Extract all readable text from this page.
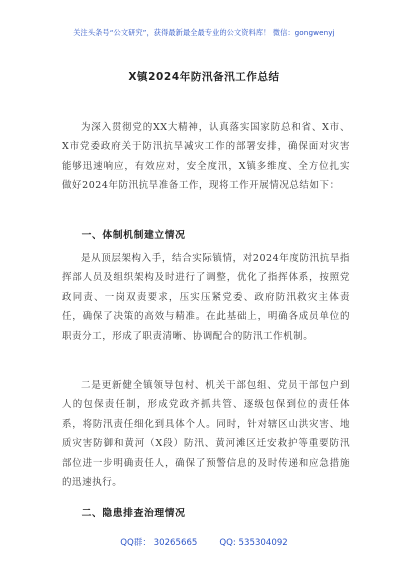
关注头条号“公文研究”，获得最新最全最专业的公文资料库！ 微信：gongwenyj
X镇2024年防汛备汛工作总结

为深入贯彻党的XX大精神，认真落实国家防总和省、X市、X市党委政府关于防汛抗旱减灾工作的部署安排，确保面对灾害能够迅速响应，有效应对，安全度汛，X镇多维度、全方位扎实做好2024年防汛抗旱准备工作，现将工作开展情况总结如下：

一、体制机制建立情况

是从顶层架构入手，结合实际镇情，对2024年度防汛抗旱指挥部人员及组织架构及时进行了调整，优化了指挥体系，按照党政同责、一岗双责要求，压实压紧党委、政府防汛救灾主体责任，确保了决策的高效与精准。在此基础上，明确各成员单位的职责分工，形成了职责清晰、协调配合的防汛工作机制。

二是更新健全镇领导包村、机关干部包组、党员干部包户到人的包保责任制，形成党政齐抓共管、逐级包保到位的责任体系，将防汛责任细化到具体个人。同时，针对辖区山洪灾害、地质灾害防御和黄河（X段）防汛、黄河滩区迁安救护等重要防汛部位进一步明确责任人，确保了预警信息的及时传递和应急措施的迅速执行。

二、隐患排查治理情况
QQ群： 30265665	QQ: 535304092
